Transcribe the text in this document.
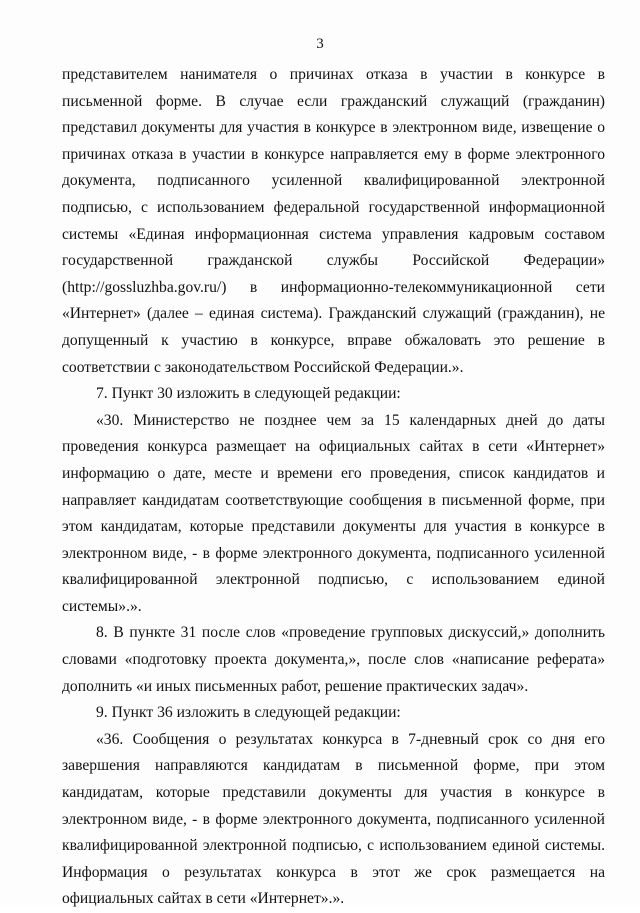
3

представителем нанимателя о причинах отказа в участии в конкурсе в письменной форме. В случае если гражданский служащий (гражданин) представил документы для участия в конкурсе в электронном виде, извещение о причинах отказа в участии в конкурсе направляется ему в форме электронного документа, подписанного усиленной квалифицированной электронной подписью, с использованием федеральной государственной информационной системы «Единая информационная система управления кадровым составом государственной гражданской службы Российской Федерации» (http://gossluzhba.gov.ru/) в информационно-телекоммуникационной сети «Интернет» (далее – единая система). Гражданский служащий (гражданин), не допущенный к участию в конкурсе, вправе обжаловать это решение в соответствии с законодательством Российской Федерации.».

7. Пункт 30 изложить в следующей редакции:

«30. Министерство не позднее чем за 15 календарных дней до даты проведения конкурса размещает на официальных сайтах в сети «Интернет» информацию о дате, месте и времени его проведения, список кандидатов и направляет кандидатам соответствующие сообщения в письменной форме, при этом кандидатам, которые представили документы для участия в конкурсе в электронном виде, - в форме электронного документа, подписанного усиленной квалифицированной электронной подписью, с использованием единой системы».».

8. В пункте 31 после слов «проведение групповых дискуссий,» дополнить словами «подготовку проекта документа,», после слов «написание реферата» дополнить «и иных письменных работ, решение практических задач».

9. Пункт 36 изложить в следующей редакции:

«36. Сообщения о результатах конкурса в 7-дневный срок со дня его завершения направляются кандидатам в письменной форме, при этом кандидатам, которые представили документы для участия в конкурсе в электронном виде, - в форме электронного документа, подписанного усиленной квалифицированной электронной подписью, с использованием единой системы. Информация о результатах конкурса в этот же срок размещается на официальных сайтах в сети «Интернет».».
